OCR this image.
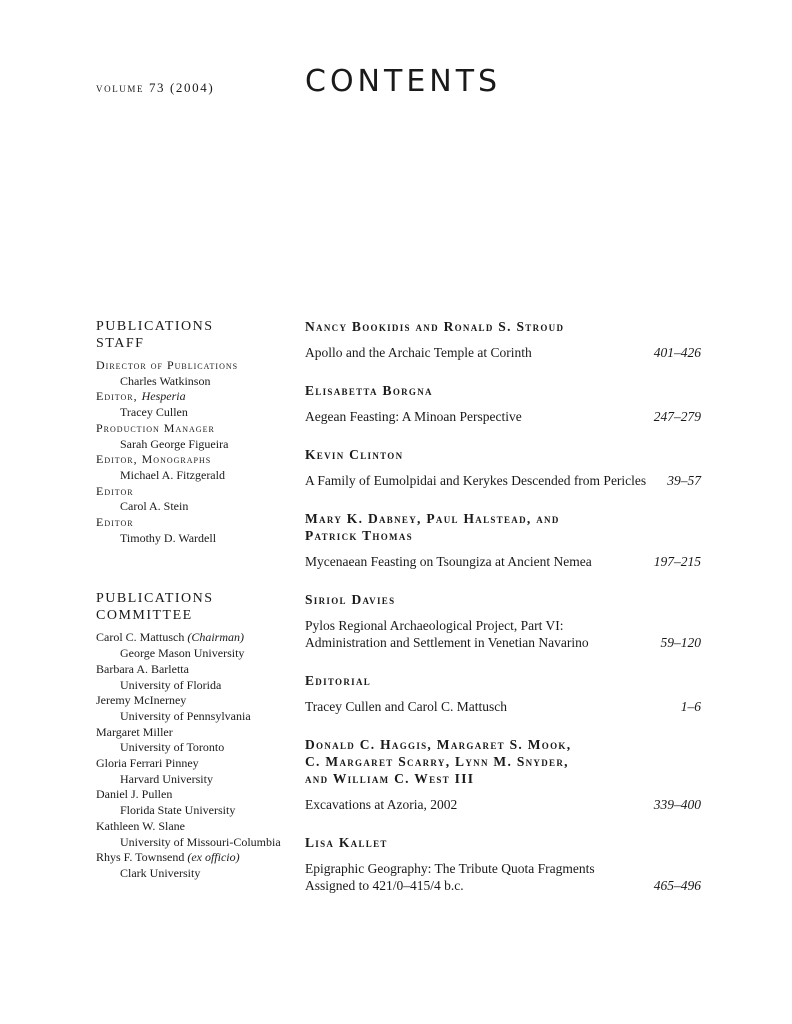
volume 73 (2004)	CONTENTS
PUBLICATIONS
STAFF
Director of Publications
Charles Watkinson
Editor, Hesperia
Tracey Cullen
Production Manager
Sarah George Figueira
Editor, Monographs
Michael A. Fitzgerald
Editor
Carol A. Stein
Editor
Timothy D. Wardell
PUBLICATIONS
COMMITTEE
Carol C. Mattusch (Chairman)
George Mason University
Barbara A. Barletta
University of Florida
Jeremy McInerney
University of Pennsylvania
Margaret Miller
University of Toronto
Gloria Ferrari Pinney
Harvard University
Daniel J. Pullen
Florida State University
Kathleen W. Slane
University of Missouri-Columbia
Rhys F. Townsend (ex officio)
Clark University
Nancy Bookidis and Ronald S. Stroud
Apollo and the Archaic Temple at Corinth	401–426
Elisabetta Borgna
Aegean Feasting: A Minoan Perspective	247–279
Kevin Clinton
A Family of Eumolpidai and Kerykes Descended from Pericles	39–57
Mary K. Dabney, Paul Halstead, and
Patrick Thomas
Mycenaean Feasting on Tsoungiza at Ancient Nemea	197–215
Siriol Davies
Pylos Regional Archaeological Project, Part VI:
Administration and Settlement in Venetian Navarino	59–120
Editorial
Tracey Cullen and Carol C. Mattusch	1–6
Donald C. Haggis, Margaret S. Mook,
C. Margaret Scarry, Lynn M. Snyder,
and William C. West III
Excavations at Azoria, 2002	339–400
Lisa Kallet
Epigraphic Geography: The Tribute Quota Fragments
Assigned to 421/0–415/4 b.c.	465–496
